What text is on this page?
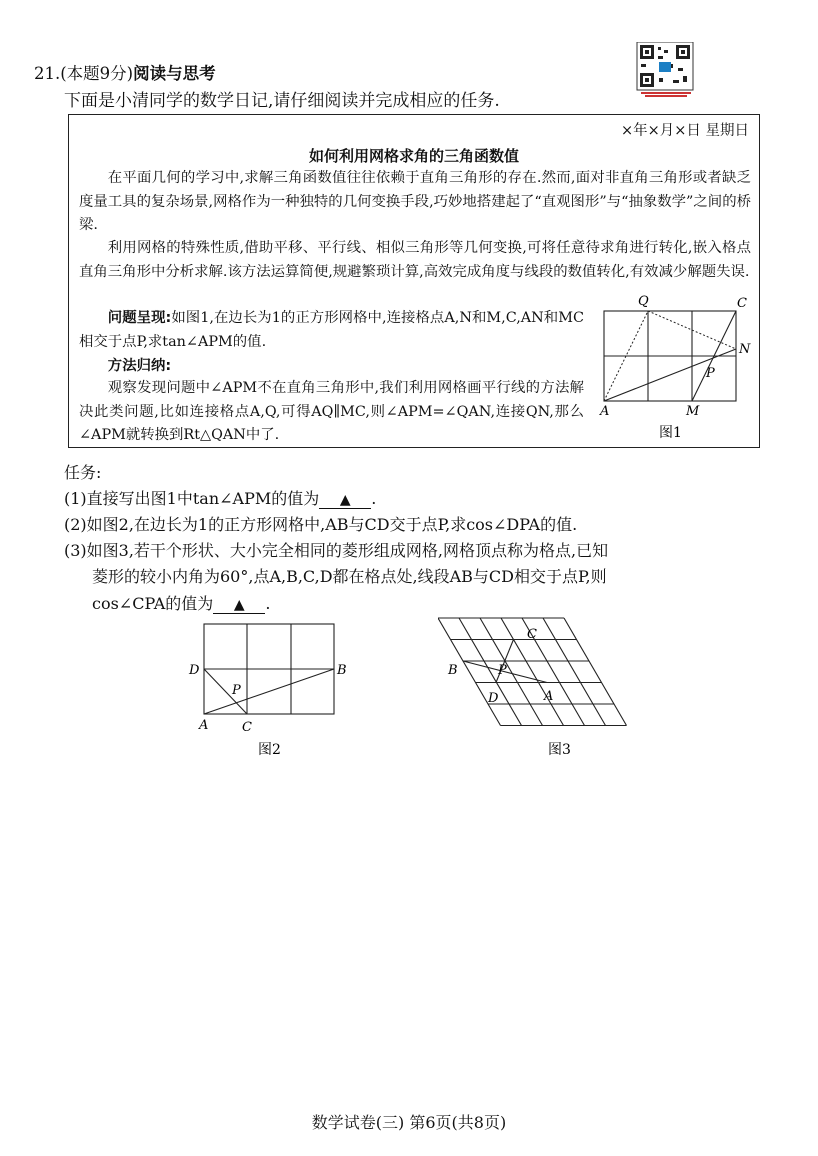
21.(本题9分)阅读与思考
下面是小清同学的数学日记,请仔细阅读并完成相应的任务.
×年×月×日 星期日
如何利用网格求角的三角函数值
在平面几何的学习中,求解三角函数值往往依赖于直角三角形的存在.然而,面对非直角三角形或者缺乏度量工具的复杂场景,网格作为一种独特的几何变换手段,巧妙地搭建起了“直观图形”与“抽象数学”之间的桥梁.
利用网格的特殊性质,借助平移、平行线、相似三角形等几何变换,可将任意待求角进行转化,嵌入格点直角三角形中分析求解.该方法运算简便,规避繁琐计算,高效完成角度与线段的数值转化,有效减少解题失误.
问题呈现:如图1,在边长为1的正方形网格中,连接格点A,N和M,C,AN和MC相交于点P,求tan∠APM的值.
方法归纳:
观察发现问题中∠APM不在直角三角形中,我们利用网格画平行线的方法解决此类问题,比如连接格点A,Q,可得AQ∥MC,则∠APM=∠QAN,连接QN,那么∠APM就转换到Rt△QAN中了.
Q	C
N
P
A	M
图1
任务:
(1)直接写出图1中tan∠APM的值为 ▲ .
(2)如图2,在边长为1的正方形网格中,AB与CD交于点P,求cos∠DPA的值.
(3)如图3,若干个形状、大小完全相同的菱形组成网格,网格顶点称为格点,已知
菱形的较小内角为60°,点A,B,C,D都在格点处,线段AB与CD相交于点P,则
cos∠CPA的值为 ▲ .
D	B
P
A	C
图2
B
C
P
D	A
图3
数学试卷(三) 第6页(共8页)
